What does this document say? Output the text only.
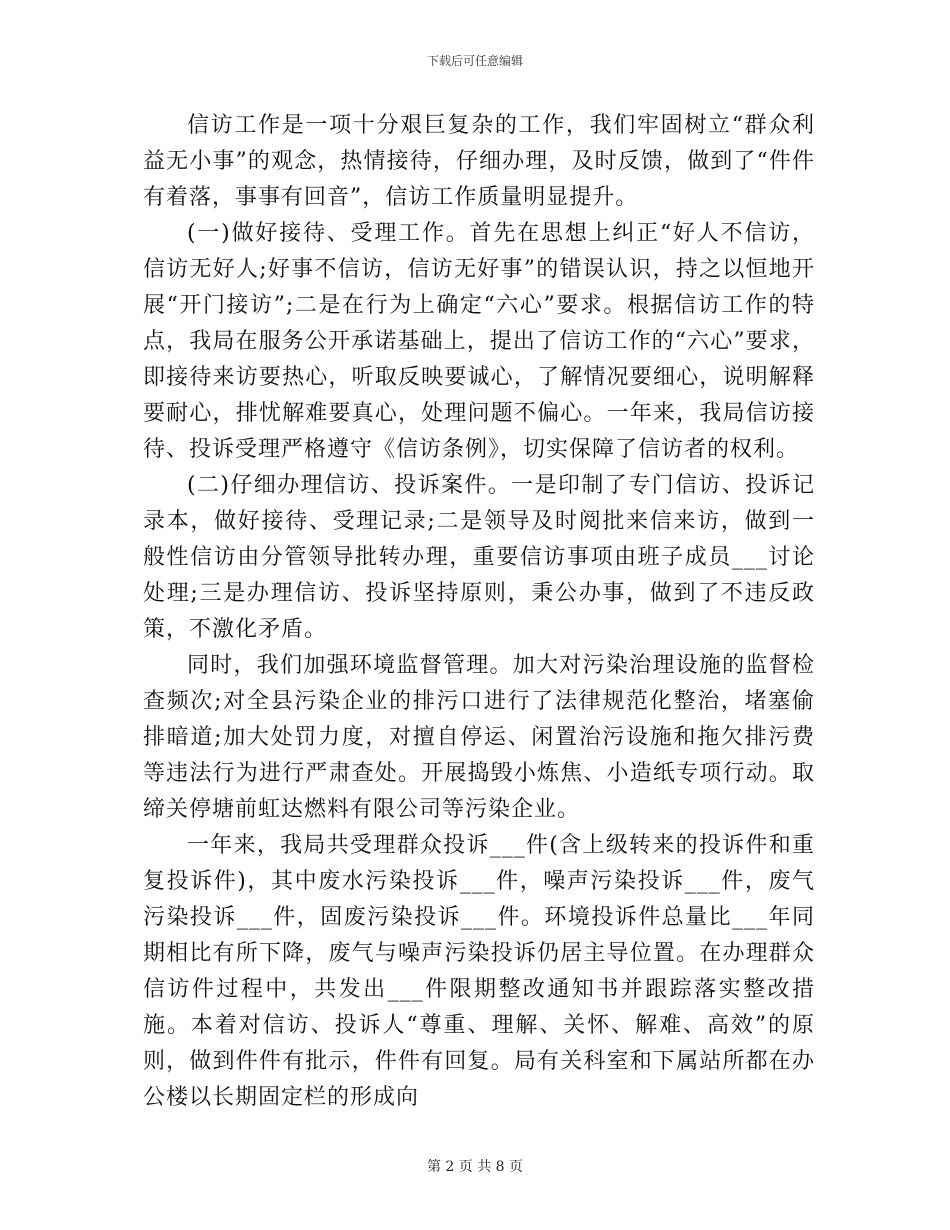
下载后可任意编辑

信访工作是一项十分艰巨复杂的工作，我们牢固树立“群众利益无小事”的观念，热情接待，仔细办理，及时反馈，做到了“件件有着落，事事有回音”，信访工作质量明显提升。

(一)做好接待、受理工作。首先在思想上纠正“好人不信访，信访无好人;好事不信访，信访无好事”的错误认识，持之以恒地开展“开门接访”;二是在行为上确定“六心”要求。根据信访工作的特点，我局在服务公开承诺基础上，提出了信访工作的“六心”要求，即接待来访要热心，听取反映要诚心，了解情况要细心，说明解释要耐心，排忧解难要真心，处理问题不偏心。一年来，我局信访接待、投诉受理严格遵守《信访条例》，切实保障了信访者的权利。

(二)仔细办理信访、投诉案件。一是印制了专门信访、投诉记录本，做好接待、受理记录;二是领导及时阅批来信来访，做到一般性信访由分管领导批转办理，重要信访事项由班子成员___讨论处理;三是办理信访、投诉坚持原则，秉公办事，做到了不违反政策，不激化矛盾。

同时，我们加强环境监督管理。加大对污染治理设施的监督检查频次;对全县污染企业的排污口进行了法律规范化整治，堵塞偷排暗道;加大处罚力度，对擅自停运、闲置治污设施和拖欠排污费等违法行为进行严肃查处。开展捣毁小炼焦、小造纸专项行动。取缔关停塘前虹达燃料有限公司等污染企业。

一年来，我局共受理群众投诉___件(含上级转来的投诉件和重复投诉件)，其中废水污染投诉___件，噪声污染投诉___件，废气污染投诉___件，固废污染投诉___件。环境投诉件总量比___年同期相比有所下降，废气与噪声污染投诉仍居主导位置。在办理群众信访件过程中，共发出___件限期整改通知书并跟踪落实整改措施。本着对信访、投诉人“尊重、理解、关怀、解难、高效”的原则，做到件件有批示，件件有回复。局有关科室和下属站所都在办公楼以长期固定栏的形成向

第 2 页 共 8 页
